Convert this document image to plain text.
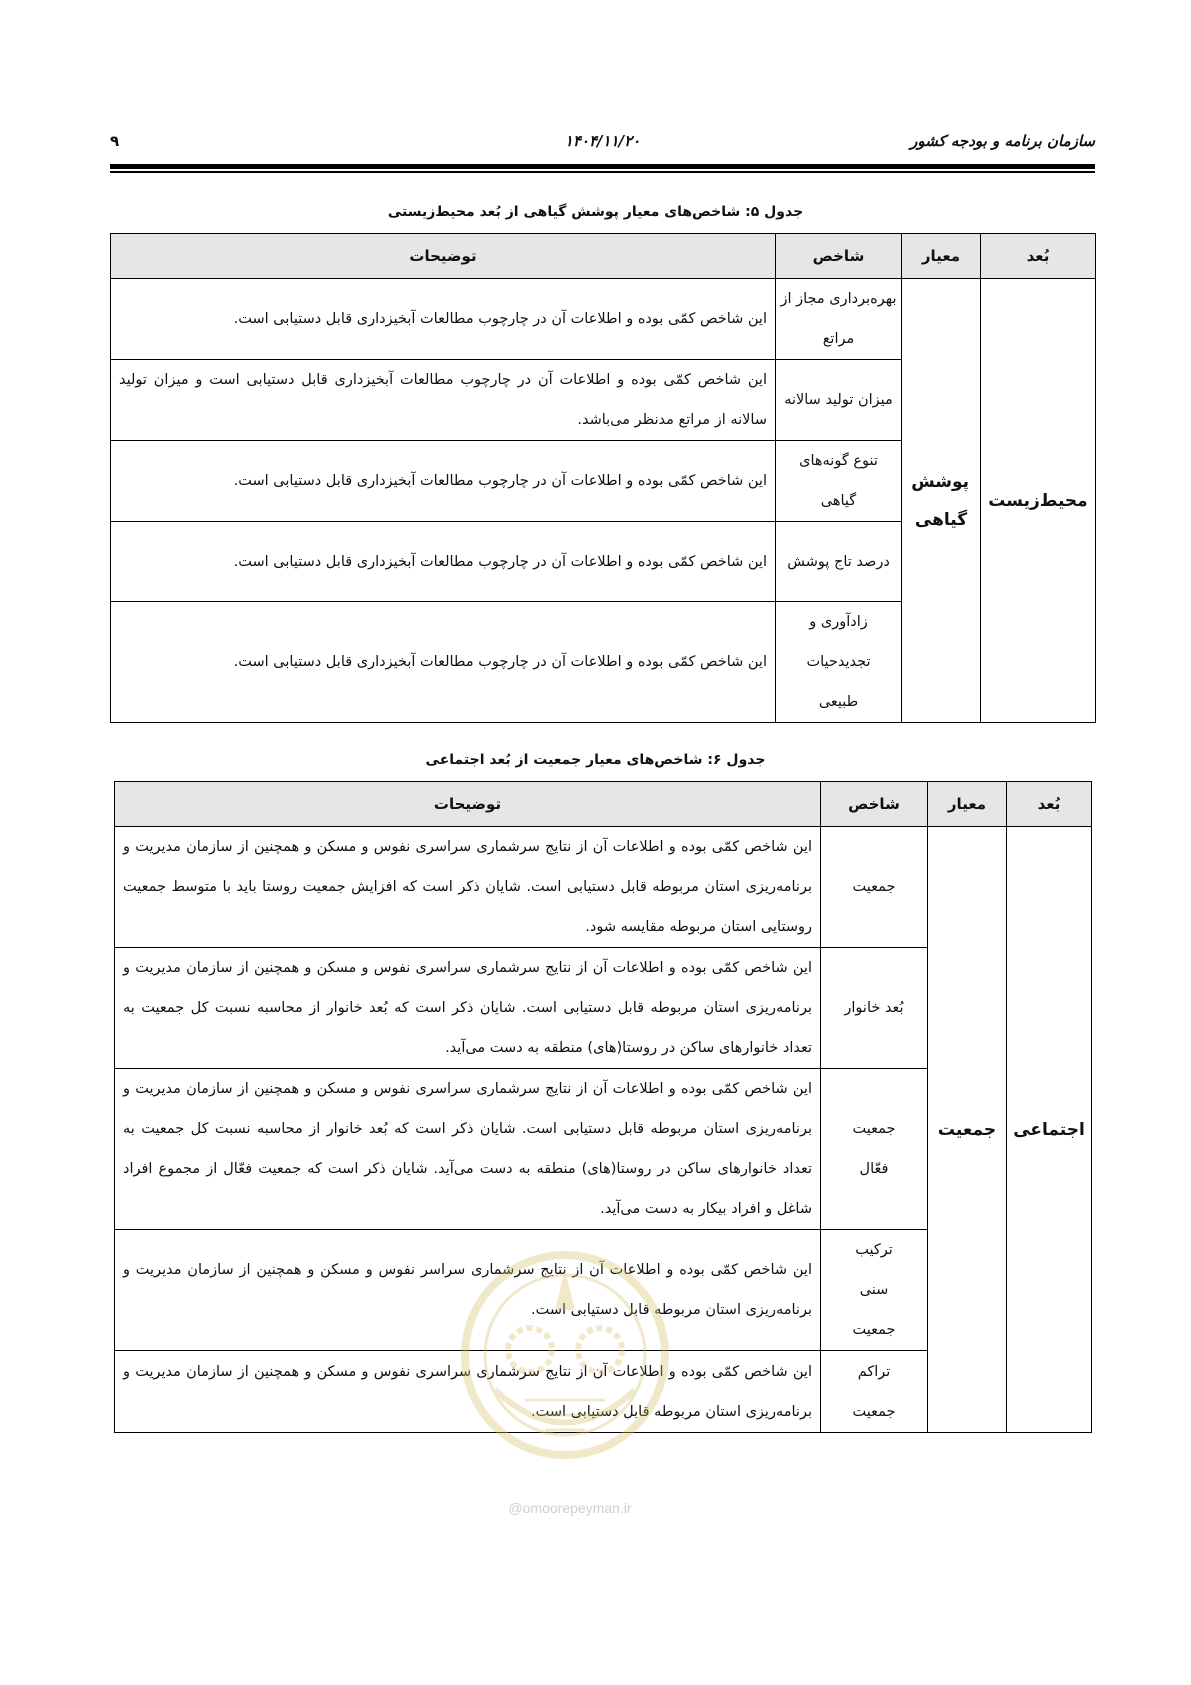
سازمان برنامه و بودجه کشور
۱۴۰۴/۱۱/۲۰
۹
جدول ۵: شاخص‌های معیار پوشش گیاهی از بُعد محیط‌زیستی
بُعد	معیار	شاخص	توضیحات
محیط‌زیست	پوشش گیاهی	بهره‌برداری مجاز از مراتع	این شاخص کمّی بوده و اطلاعات آن در چارچوب مطالعات آبخیزداری قابل دستیابی است.
		میزان تولید سالانه	این شاخص کمّی بوده و اطلاعات آن در چارچوب مطالعات آبخیزداری قابل دستیابی است و میزان تولید سالانه از مراتع مدنظر می‌باشد.
		تنوع گونه‌های گیاهی	این شاخص کمّی بوده و اطلاعات آن در چارچوب مطالعات آبخیزداری قابل دستیابی است.
		درصد تاج پوشش	این شاخص کمّی بوده و اطلاعات آن در چارچوب مطالعات آبخیزداری قابل دستیابی است.

		زادآوری و تجدیدحیات طبیعی	این شاخص کمّی بوده و اطلاعات آن در چارچوب مطالعات آبخیزداری قابل دستیابی است.
جدول ۶: شاخص‌های معیار جمعیت از بُعد اجتماعی
بُعد	معیار	شاخص	توضیحات
اجتماعی	جمعیت	جمعیت	این شاخص کمّی بوده و اطلاعات آن از نتایج سرشماری سراسری نفوس و مسکن و همچنین از سازمان مدیریت و برنامه‌ریزی استان مربوطه قابل دستیابی است. شایان ذکر است که افزایش جمعیت روستا باید با متوسط جمعیت روستایی استان مربوطه مقایسه شود.
		بُعد خانوار	این شاخص کمّی بوده و اطلاعات آن از نتایج سرشماری سراسری نفوس و مسکن و همچنین از سازمان مدیریت و برنامه‌ریزی استان مربوطه قابل دستیابی است. شایان ذکر است که بُعد خانوار از محاسبه نسبت کل جمعیت به تعداد خانوارهای ساکن در روستا(های) منطقه به دست می‌آید.

		جمعیت فعّال	این شاخص کمّی بوده و اطلاعات آن از نتایج سرشماری سراسری نفوس و مسکن و همچنین از سازمان مدیریت و برنامه‌ریزی استان مربوطه قابل دستیابی است. شایان ذکر است که بُعد خانوار از محاسبه نسبت کل جمعیت به تعداد خانوارهای ساکن در روستا(های) منطقه به دست می‌آید. شایان ذکر است که جمعیت فعّال از مجموع افراد شاغل و افراد بیکار به دست می‌آید.

		ترکیب سنی جمعیت	این شاخص کمّی بوده و اطلاعات آن از نتایج سرشماری سراسر نفوس و مسکن و همچنین از سازمان مدیریت و برنامه‌ریزی استان مربوطه قابل دستیابی است.

		تراکم جمعیت	این شاخص کمّی بوده و اطلاعات آن از نتایج سرشماری سراسری نفوس و مسکن و همچنین از سازمان مدیریت و برنامه‌ریزی استان مربوطه قابل دستیابی است.
@omoorepeyman.ir
